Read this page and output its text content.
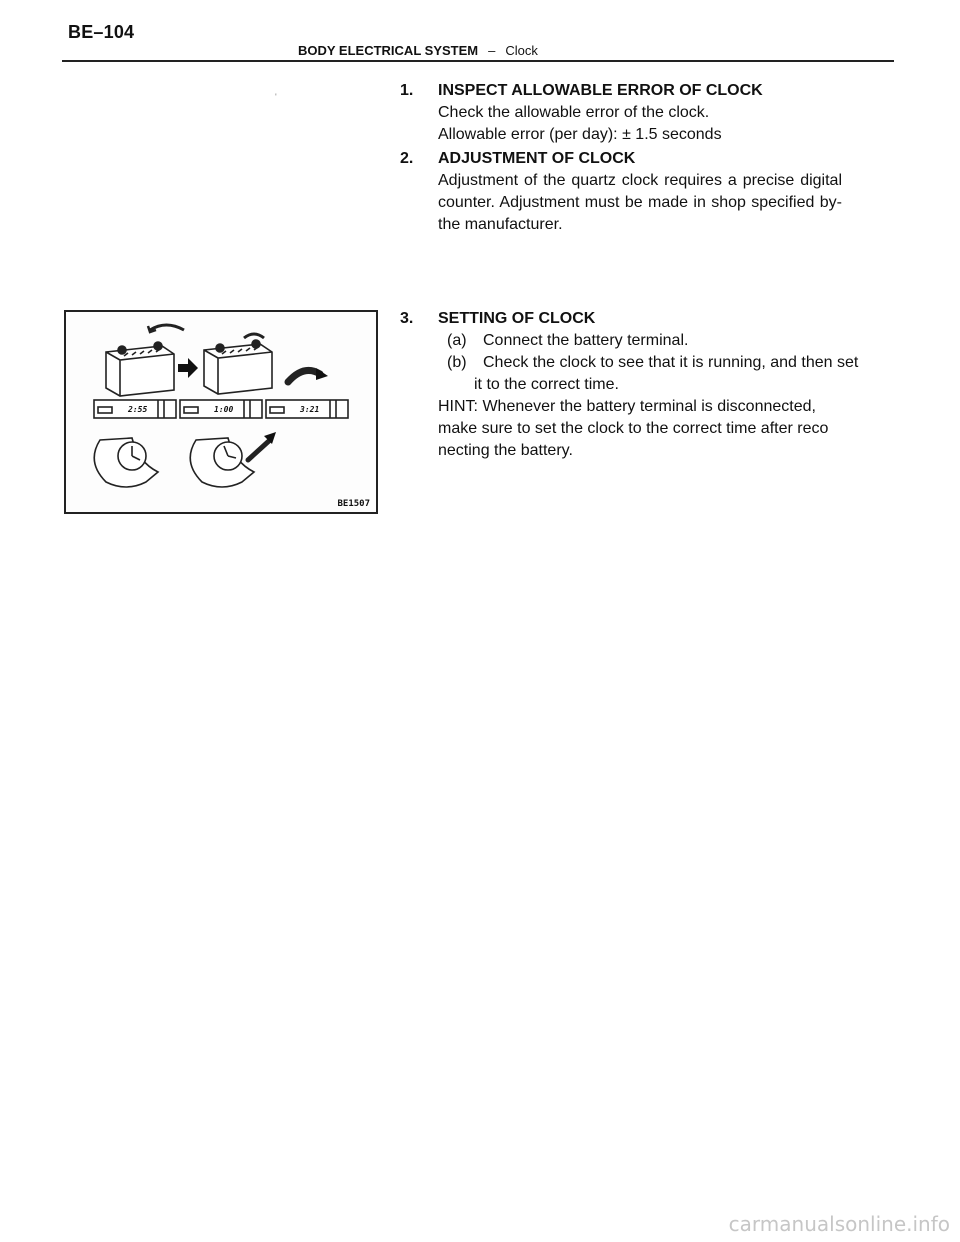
BE–104
BODY ELECTRICAL SYSTEM – Clock
'	1.	INSPECT ALLOWABLE ERROR OF CLOCK
Check the allowable error of the clock.
Allowable error (per day): ± 1.5 seconds
2.	ADJUSTMENT OF CLOCK
Adjustment of the quartz clock requires a precise digital counter. Adjustment must be made in shop specified by- the manufacturer.
2:55	1:00	3:21
BE1507
3.	SETTING OF CLOCK
(a)	Connect the battery terminal.
(b)	Check the clock to see that it is running, and then set
it to the correct time.
HINT: Whenever the battery terminal is disconnected,
make sure to set the clock to the correct time after reco
necting the battery.
carmanualsonline.info
